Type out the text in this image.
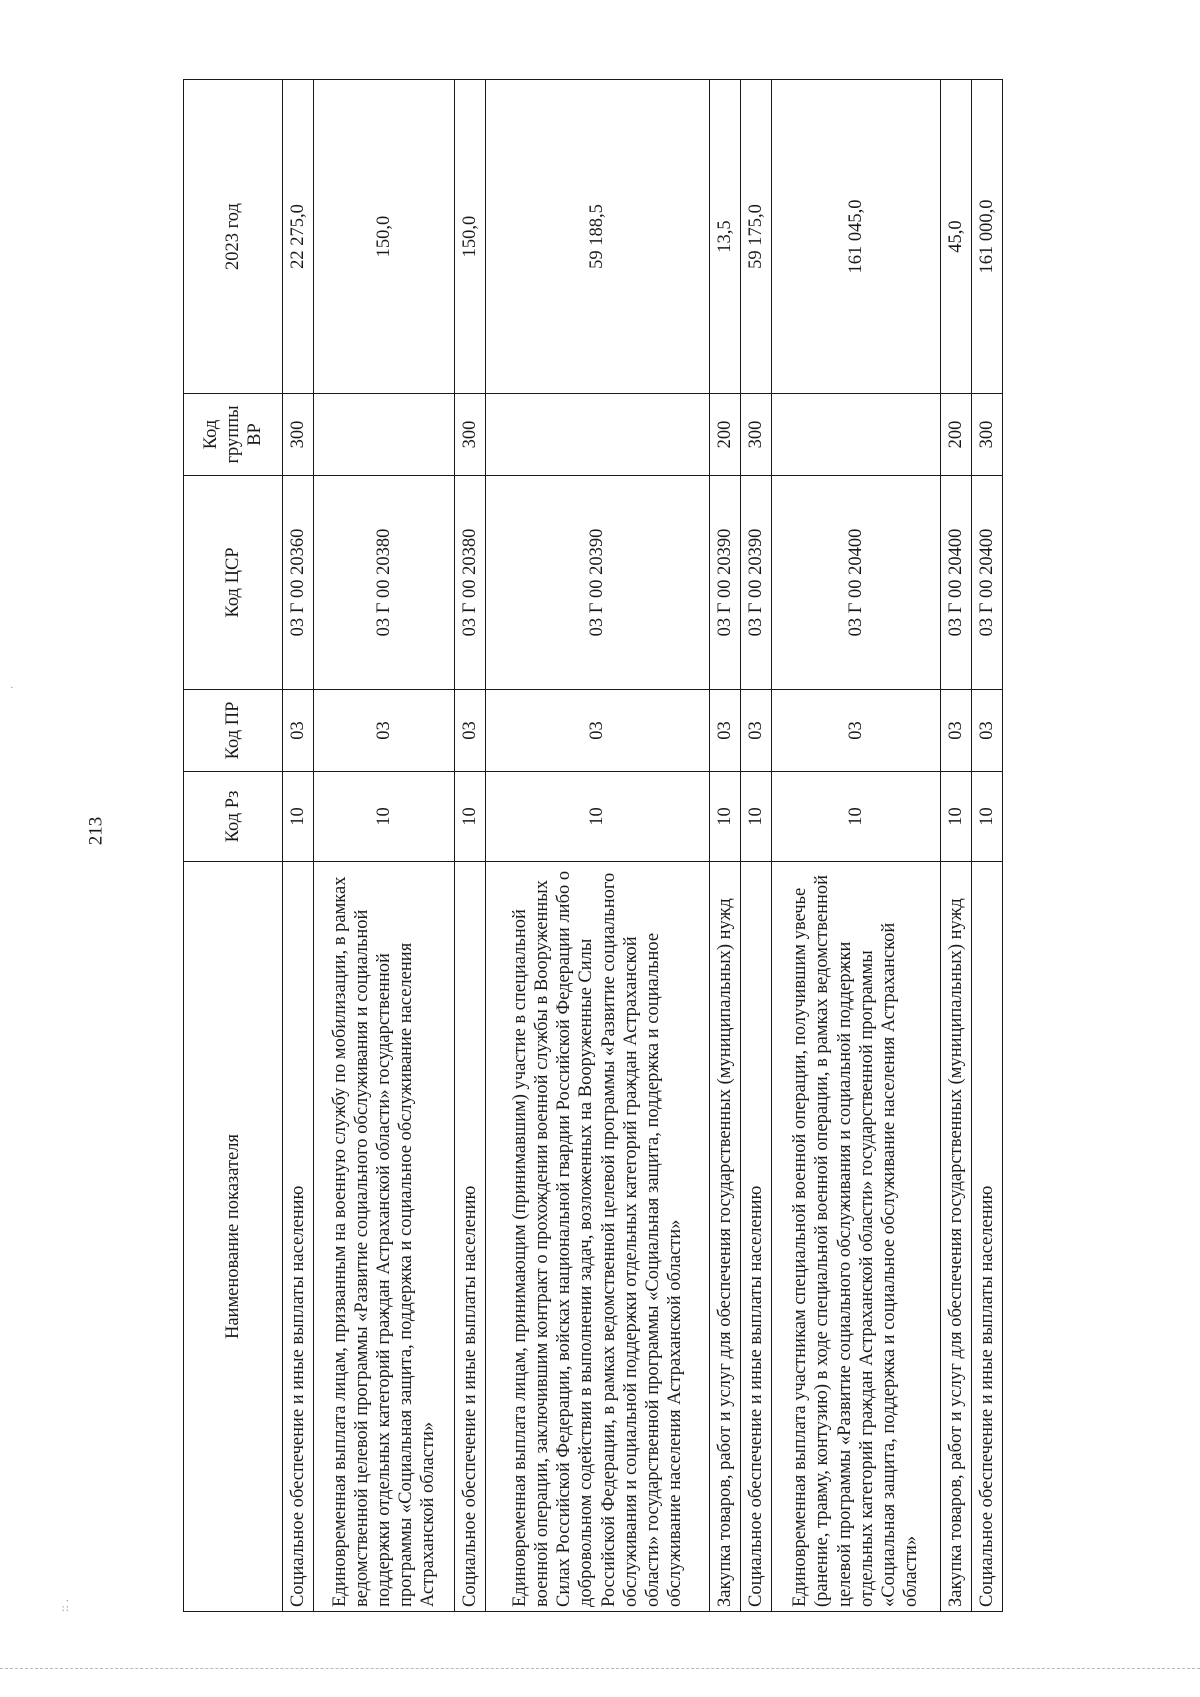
213
·
:: .
Наименование показателя	Код Рз	Код ПР	Код ЦСР	Код группы ВР	2023 год
Социальное обеспечение и иные выплаты населению	10	03	03 Г 00 20360	300	22 275,0
Единовременная выплата лицам, призванным на военную службу по мобилизации, в рамках ведомственной целевой программы «Развитие социального обслуживания и социальной поддержки отдельных категорий граждан Астраханской области» государственной программы «Социальная защита, поддержка и социальное обслуживание населения Астраханской области»	10	03	03 Г 00 20380		150,0
Социальное обеспечение и иные выплаты населению	10	03	03 Г 00 20380	300	150,0
Единовременная выплата лицам, принимающим (принимавшим) участие в специальной военной операции, заключившим контракт о прохождении военной службы в Вооруженных Силах Российской Федерации, войсках национальной гвардии Российской Федерации либо о добровольном содействии в выполнении задач, возложенных на Вооруженные Силы Российской Федерации, в рамках ведомственной целевой программы «Развитие социального обслуживания и социальной поддержки отдельных категорий граждан Астраханской области» государственной программы «Социальная защита, поддержка и социальное обслуживание населения Астраханской области»	10	03	03 Г 00 20390		59 188,5
Закупка товаров, работ и услуг для обеспечения государственных (муниципальных) нужд	10	03	03 Г 00 20390	200	13,5
Социальное обеспечение и иные выплаты населению	10	03	03 Г 00 20390	300	59 175,0
Единовременная выплата участникам специальной военной операции, получившим увечье (ранение, травму, контузию) в ходе специальной военной операции, в рамках ведомственной целевой программы «Развитие социального обслуживания и социальной поддержки отдельных категорий граждан Астраханской области» государственной программы «Социальная защита, поддержка и социальное обслуживание населения Астраханской области»	10	03	03 Г 00 20400		161 045,0
Закупка товаров, работ и услуг для обеспечения государственных (муниципальных) нужд	10	03	03 Г 00 20400	200	45,0
Социальное обеспечение и иные выплаты населению	10	03	03 Г 00 20400	300	161 000,0
